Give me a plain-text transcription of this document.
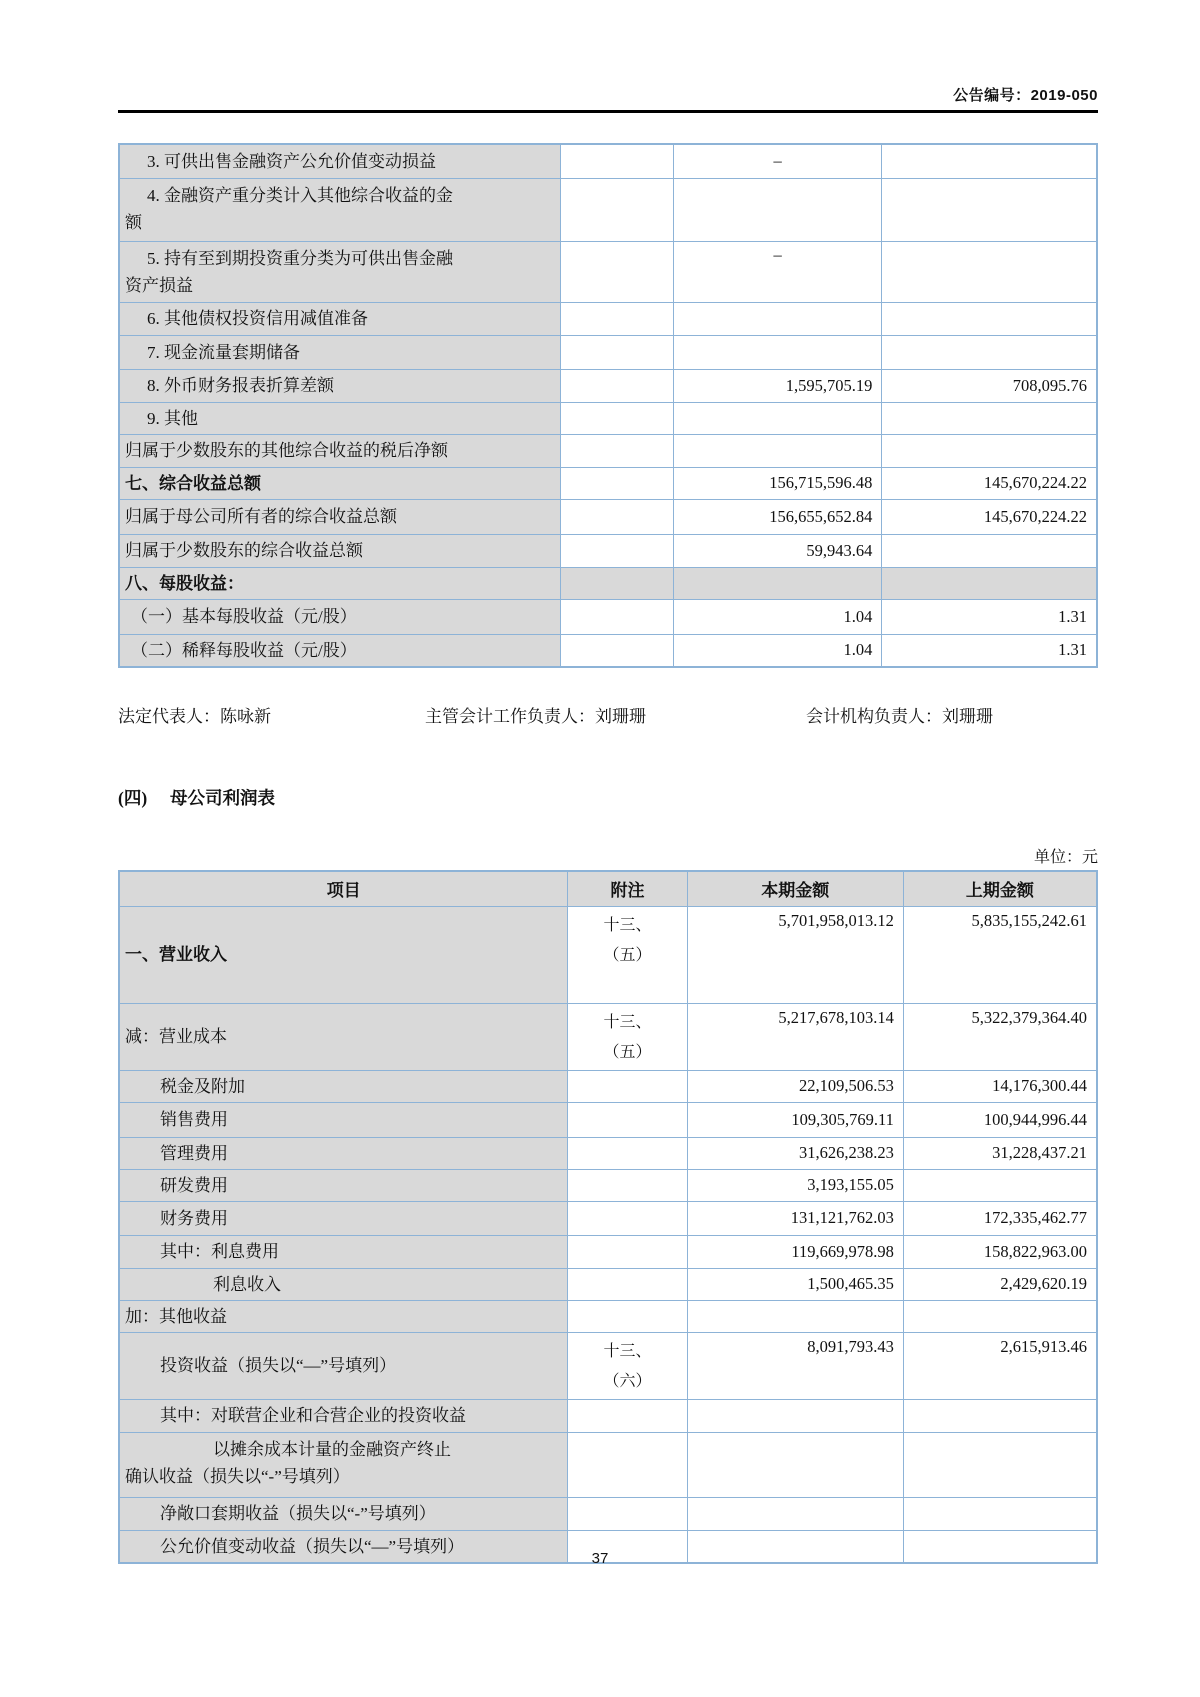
公告编号：2019-050
3. 可供出售金融资产公允价值变动损益		–	

4. 金融资产重分类计入其他综合收益的金
额			

5. 持有至到期投资重分类为可供出售金融
资产损益		–	

6. 其他债权投资信用减值准备			

7. 现金流量套期储备			

8. 外币财务报表折算差额		1,595,705.19	708,095.76

9. 其他			

归属于少数股东的其他综合收益的税后净额			

七、综合收益总额		156,715,596.48	145,670,224.22

归属于母公司所有者的综合收益总额		156,655,652.84	145,670,224.22

归属于少数股东的综合收益总额		59,943.64	

八、每股收益：			

（一）基本每股收益（元/股）		1.04	1.31

（二）稀释每股收益（元/股）		1.04	1.31
法定代表人：陈咏新	主管会计工作负责人：刘珊珊	会计机构负责人：刘珊珊
(四) 母公司利润表
单位：元
项目	附注	本期金额	上期金额

一、营业收入	十三、
（五）	5,701,958,013.12	5,835,155,242.61

减：营业成本	十三、
（五）	5,217,678,103.14	5,322,379,364.40

税金及附加		22,109,506.53	14,176,300.44

销售费用		109,305,769.11	100,944,996.44

管理费用		31,626,238.23	31,228,437.21

研发费用		3,193,155.05	

财务费用		131,121,762.03	172,335,462.77

其中：利息费用		119,669,978.98	158,822,963.00

利息收入		1,500,465.35	2,429,620.19

加：其他收益			

投资收益（损失以“—”号填列）	十三、
（六）	8,091,793.43	2,615,913.46

其中：对联营企业和合营企业的投资收益			

以摊余成本计量的金融资产终止
确认收益（损失以“-”号填列）			

净敞口套期收益（损失以“-”号填列）			

公允价值变动收益（损失以“—”号填列）			

37
